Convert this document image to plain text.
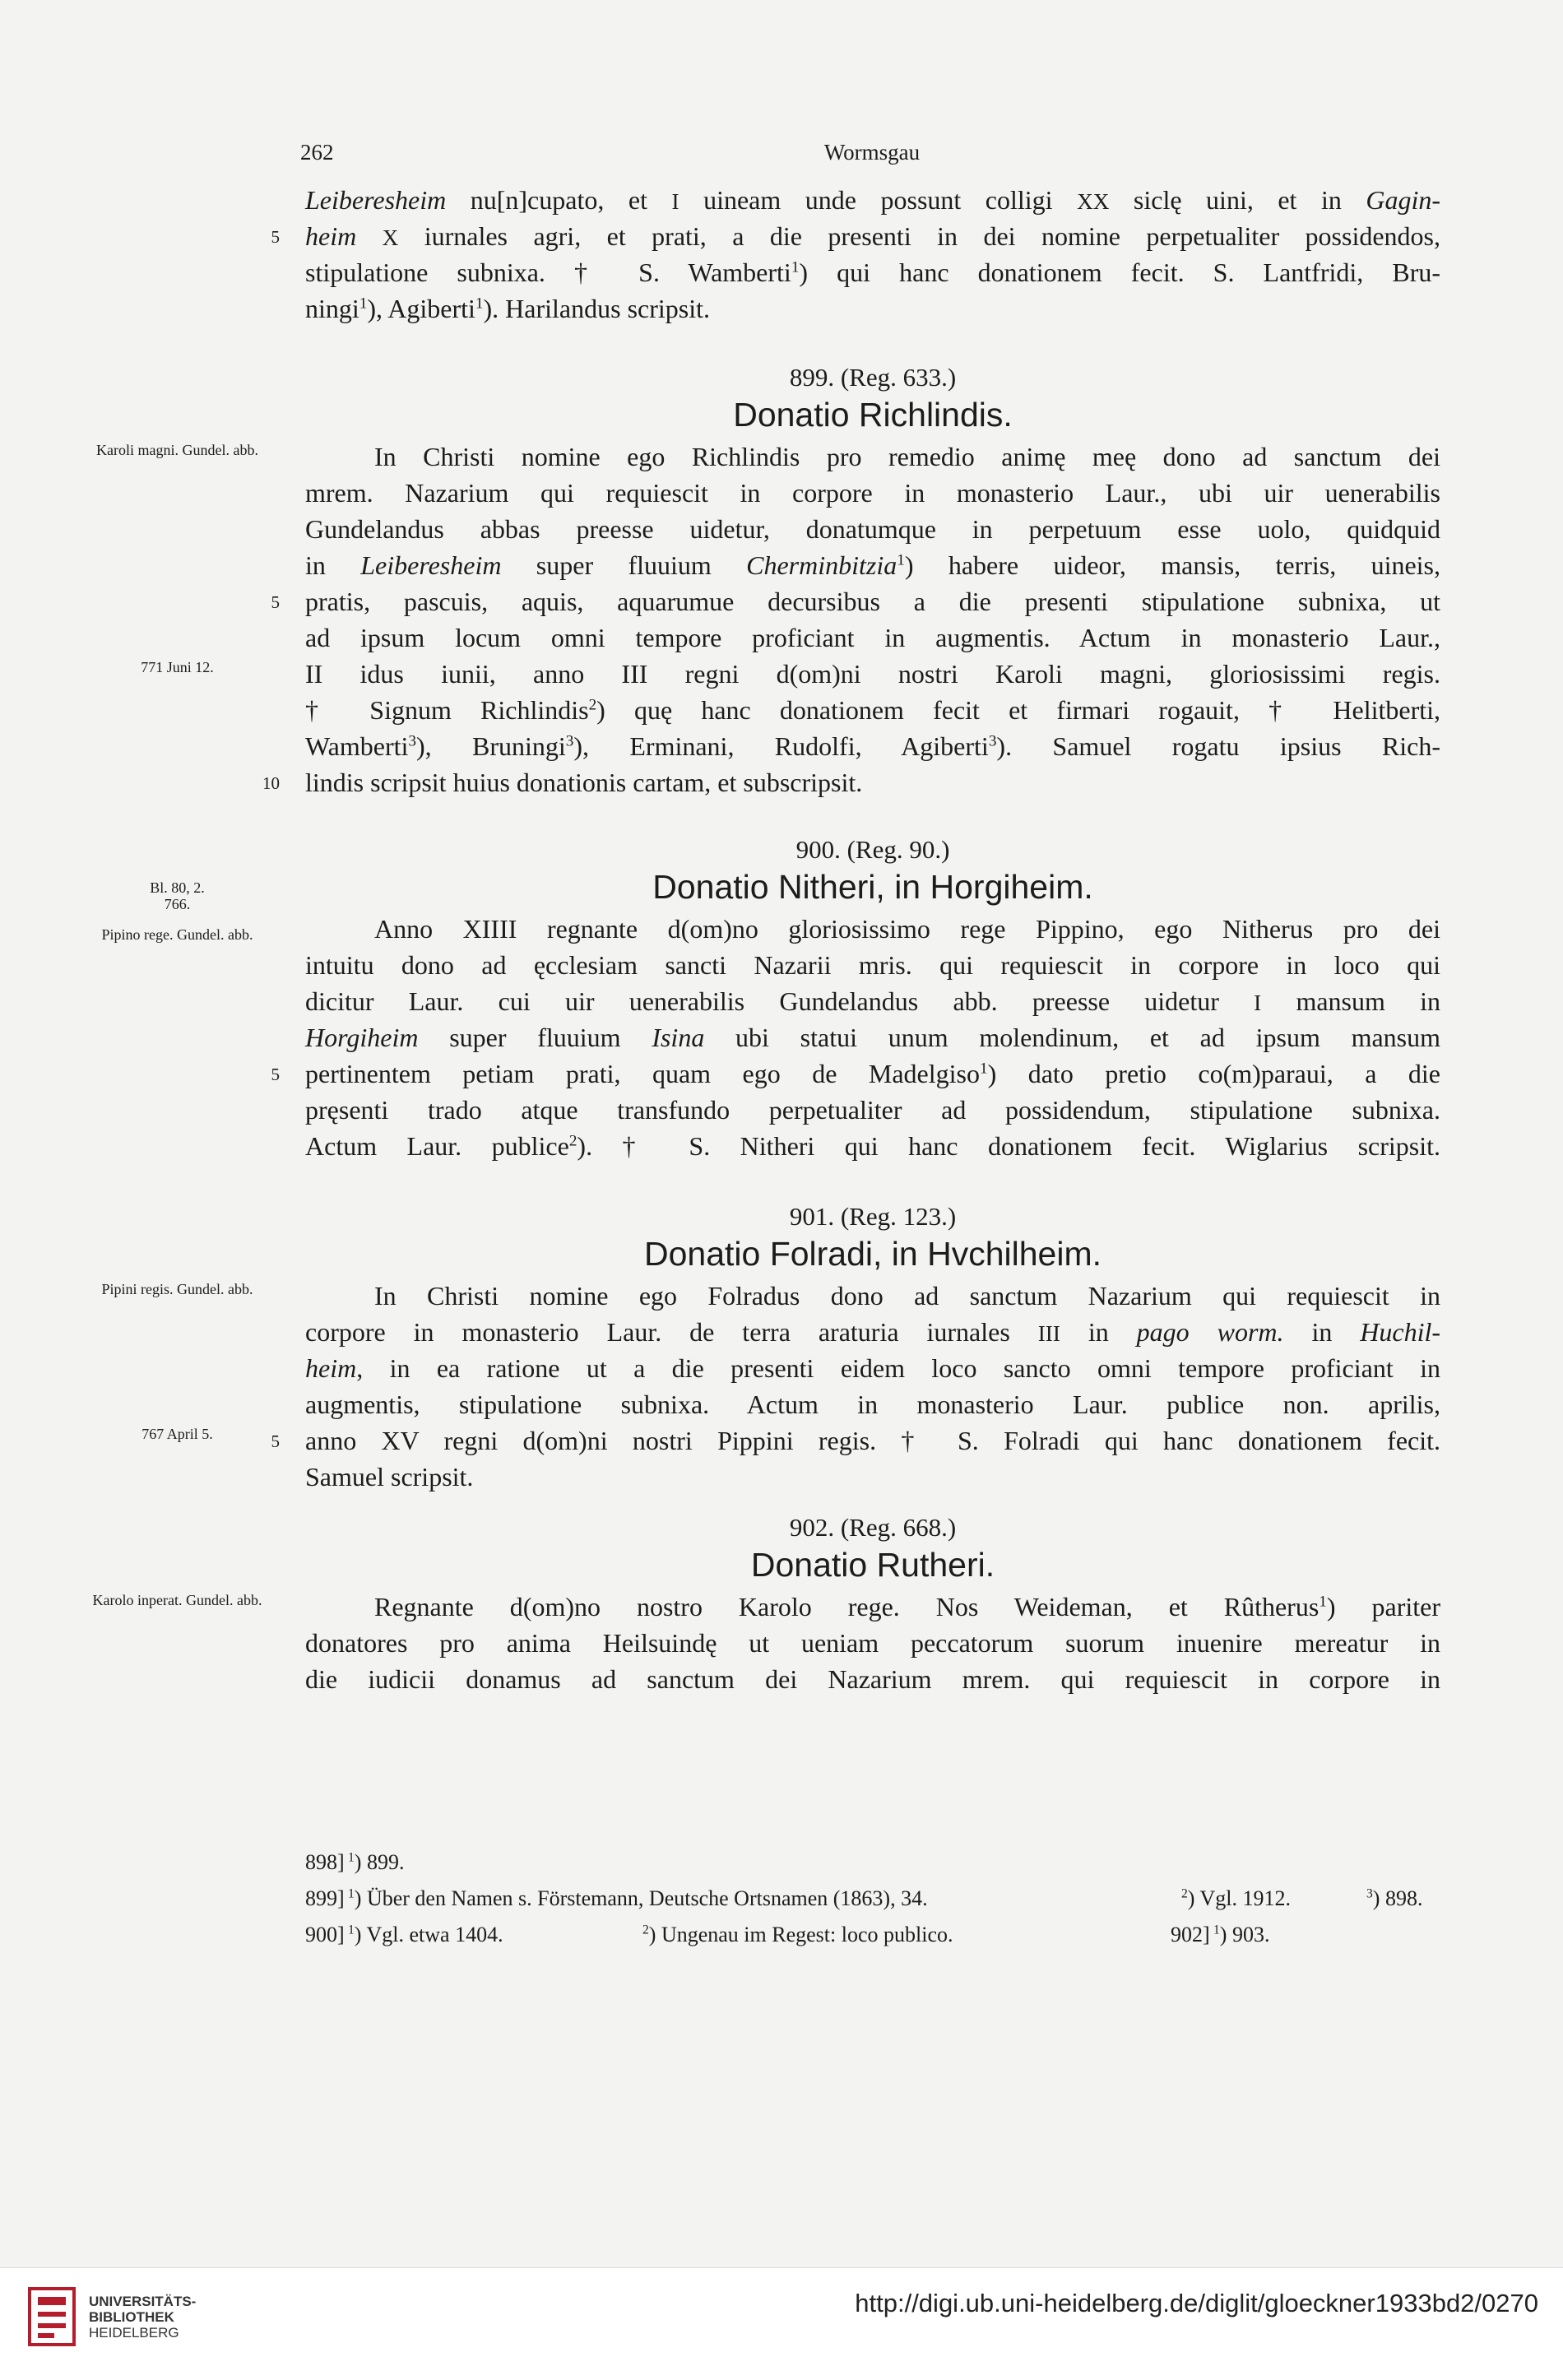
262	Wormsgau
Leiberesheim nu[n]cupato, et I uineam unde possunt colligi XX siclę uini, et in Gagin-
heim X iurnales agri, et prati, a die presenti in dei nomine perpetualiter possidendos,
5
stipulatione subnixa. † S. Wamberti$^1$) qui hanc donationem fecit. S. Lantfridi, Bru-
ningi$^1$), Agiberti$^1$). Harilandus scripsit.
899. (Reg. 633.)
Donatio Richlindis.
In Christi nomine ego Richlindis pro remedio animę meę dono ad sanctum dei
mrem. Nazarium qui requiescit in corpore in monasterio Laur., ubi uir uenerabilis
Gundelandus abbas preesse uidetur, donatumque in perpetuum esse uolo, quidquid
in Leiberesheim super fluuium Cherminbitzia$^1$) habere uideor, mansis, terris, uineis,
pratis, pascuis, aquis, aquarumue decursibus a die presenti stipulatione subnixa, ut
5
ad ipsum locum omni tempore proficiant in augmentis. Actum in monasterio Laur.,
II idus iunii, anno III regni d(om)ni nostri Karoli magni, gloriosissimi regis.
† Signum Richlindis$^2$) quę hanc donationem fecit et firmari rogauit, † Helitberti,
Wamberti$^3$), Bruningi$^3$), Erminani, Rudolfi, Agiberti$^3$). Samuel rogatu ipsius Rich-
lindis scripsit huius donationis cartam, et subscripsit.
10
Karoli magni. Gundel. abb.
771 Juni 12.
900. (Reg. 90.)
Donatio Nitheri, in Horgiheim.
Bl. 80, 2.
Anno XIIII regnante d(om)no gloriosissimo rege Pippino, ego Nitherus pro dei
intuitu dono ad ęcclesiam sancti Nazarii mris. qui requiescit in corpore in loco qui
dicitur Laur. cui uir uenerabilis Gundelandus abb. preesse uidetur I mansum in
Horgiheim super fluuium Isina ubi statui unum molendinum, et ad ipsum mansum
pertinentem petiam prati, quam ego de Madelgiso$^1$) dato pretio co(m)paraui, a die
5
pręsenti trado atque transfundo perpetualiter ad possidendum, stipulatione subnixa.
Actum Laur. publice$^2$). † S. Nitheri qui hanc donationem fecit. Wiglarius scripsit.
766.
Pipino rege. Gundel. abb.
901. (Reg. 123.)
Donatio Folradi, in Hvchilheim.
In Christi nomine ego Folradus dono ad sanctum Nazarium qui requiescit in
corpore in monasterio Laur. de terra araturia iurnales III in pago worm. in Huchil-
heim, in ea ratione ut a die presenti eidem loco sancto omni tempore proficiant in
augmentis, stipulatione subnixa. Actum in monasterio Laur. publice non. aprilis,
anno XV regni d(om)ni nostri Pippini regis. † S. Folradi qui hanc donationem fecit.
5
Samuel scripsit.
Pipini regis. Gundel. abb.
767 April 5.
902. (Reg. 668.)
Donatio Rutheri.
Regnante d(om)no nostro Karolo rege. Nos Weideman, et Rûtherus$^1$) pariter
donatores pro anima Heilsuindę ut ueniam peccatorum suorum inuenire mereatur in
die iudicii donamus ad sanctum dei Nazarium mrem. qui requiescit in corpore in
Karolo inperat. Gundel. abb.
898] $^1$) 899.
899] $^1$) Über den Namen s. Förstemann, Deutsche Ortsnamen (1863), 34.	$^2$) Vgl. 1912.	$^3$) 898.
900] $^1$) Vgl. etwa 1404.	$^2$) Ungenau im Regest: loco publico.	902] $^1$) 903.
UNIVERSITÄTS-
BIBLIOTHEK
HEIDELBERG
http://digi.ub.uni-heidelberg.de/diglit/gloeckner1933bd2/0270
